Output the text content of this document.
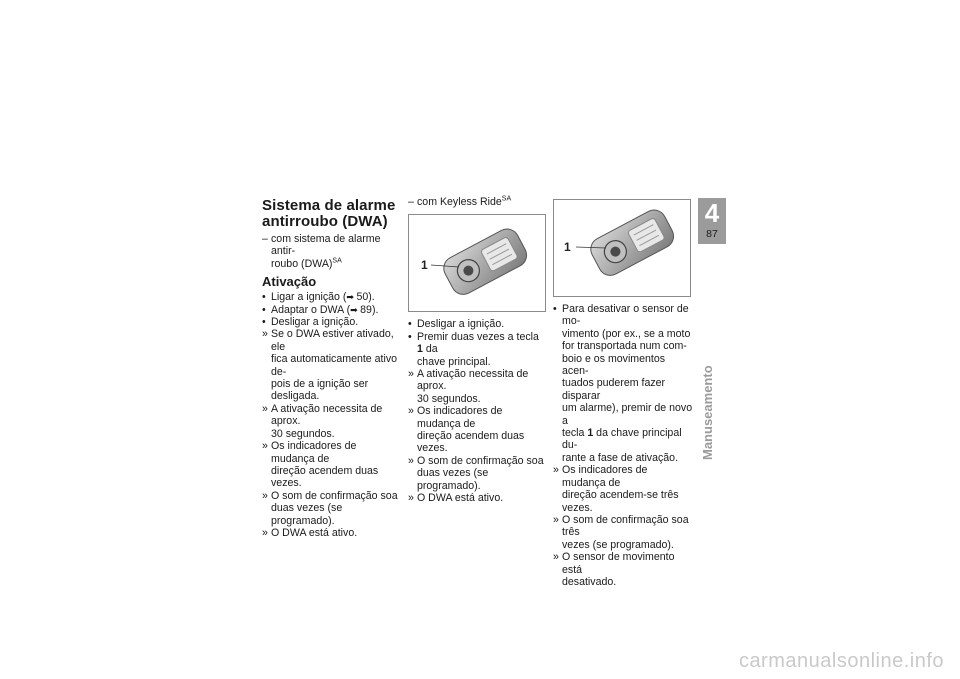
Sistema de alarme antirroubo (DWA)
– com sistema de alarme antir-
roubo (DWA)$^{SA}$
Ativação
• Ligar a ignição (➡ 50).
• Adaptar o DWA (➡ 89).
• Desligar a ignição.
» Se o DWA estiver ativado, ele
fica automaticamente ativo de-
pois de a ignição ser desligada.
» A ativação necessita de aprox.
30 segundos.
» Os indicadores de mudança de
direção acendem duas vezes.
» O som de confirmação soa
duas vezes (se programado).
» O DWA está ativo.
– com Keyless Ride$^{SA}$
1
• Desligar a ignição.
• Premir duas vezes a tecla 1 da
chave principal.
» A ativação necessita de aprox.
30 segundos.
» Os indicadores de mudança de
direção acendem duas vezes.
» O som de confirmação soa
duas vezes (se programado).
» O DWA está ativo.
1
• Para desativar o sensor de mo-
vimento (por ex., se a moto
for transportada num com-
boio e os movimentos acen-
tuados puderem fazer disparar
um alarme), premir de novo a
tecla 1 da chave principal du-
rante a fase de ativação.
» Os indicadores de mudança de
direção acendem-se três vezes.
» O som de confirmação soa três
vezes (se programado).
» O sensor de movimento está
desativado.
4
87
Manuseamento
carmanualsonline.info
